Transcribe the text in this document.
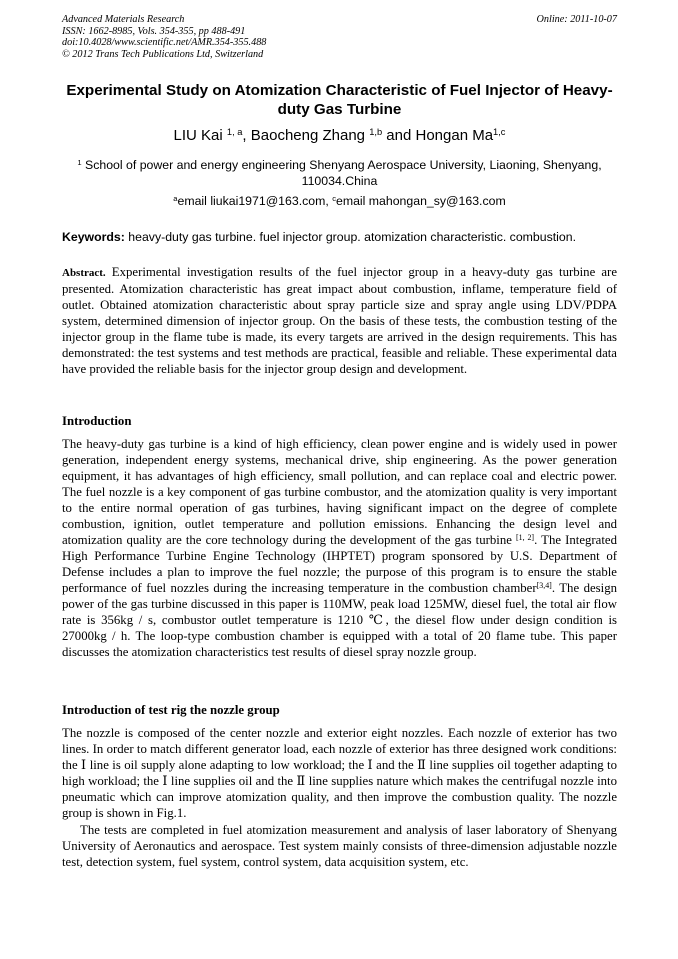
Advanced Materials Research	Online: 2011-10-07
ISSN: 1662-8985, Vols. 354-355, pp 488-491
doi:10.4028/www.scientific.net/AMR.354-355.488
© 2012 Trans Tech Publications Ltd, Switzerland
Experimental Study on Atomization Characteristic of Fuel Injector of Heavy-duty Gas Turbine
LIU Kai $^{1, a}$, Baocheng Zhang $^{1,b}$ and Hongan Ma$^{1,c}$
$^1$ School of power and energy engineering Shenyang Aerospace University, Liaoning, Shenyang, 110034.China
$^a$email liukai1971@163.com, $^c$email mahongan_sy@163.com
Keywords: heavy-duty gas turbine. fuel injector group. atomization characteristic. combustion.
Abstract. Experimental investigation results of the fuel injector group in a heavy-duty gas turbine are presented. Atomization characteristic has great impact about combustion, inflame, temperature field of outlet. Obtained atomization characteristic about spray particle size and spray angle using LDV/PDPA system, determined dimension of injector group. On the basis of these tests, the combustion testing of the injector group in the flame tube is made, its every targets are arrived in the design requirements. This has demonstrated: the test systems and test methods are practical, feasible and reliable. These experimental data have provided the reliable basis for the injector group design and development.
Introduction
The heavy-duty gas turbine is a kind of high efficiency, clean power engine and is widely used in power generation, independent energy systems, mechanical drive, ship engineering. As the power generation equipment, it has advantages of high efficiency, small pollution, and can replace coal and electric power. The fuel nozzle is a key component of gas turbine combustor, and the atomization quality is very important to the entire normal operation of gas turbines, having significant impact on the degree of complete combustion, ignition, outlet temperature and pollution emissions. Enhancing the design level and atomization quality are the core technology during the development of the gas turbine [1, 2]. The Integrated High Performance Turbine Engine Technology (IHPTET) program sponsored by U.S. Department of Defense includes a plan to improve the fuel nozzle; the purpose of this program is to ensure the stable performance of fuel nozzles during the increasing temperature in the combustion chamber[3,4]. The design power of the gas turbine discussed in this paper is 110MW, peak load 125MW, diesel fuel, the total air flow rate is 356kg / s, combustor outlet temperature is 1210 ℃, the diesel flow under design condition is 27000kg / h. The loop-type combustion chamber is equipped with a total of 20 flame tube. This paper discusses the atomization characteristics test results of diesel spray nozzle group.
Introduction of test rig the nozzle group
The nozzle is composed of the center nozzle and exterior eight nozzles. Each nozzle of exterior has two lines. In order to match different generator load, each nozzle of exterior has three designed work conditions: the Ⅰ line is oil supply alone adapting to low workload; the Ⅰ and the Ⅱ line supplies oil together adapting to high workload; the Ⅰ line supplies oil and the Ⅱ line supplies nature which makes the centrifugal nozzle into pneumatic which can improve atomization quality, and then improve the combustion quality. The nozzle group is shown in Fig.1.
The tests are completed in fuel atomization measurement and analysis of laser laboratory of Shenyang University of Aeronautics and aerospace. Test system mainly consists of three-dimension adjustable nozzle test, detection system, fuel system, control system, data acquisition system, etc.
